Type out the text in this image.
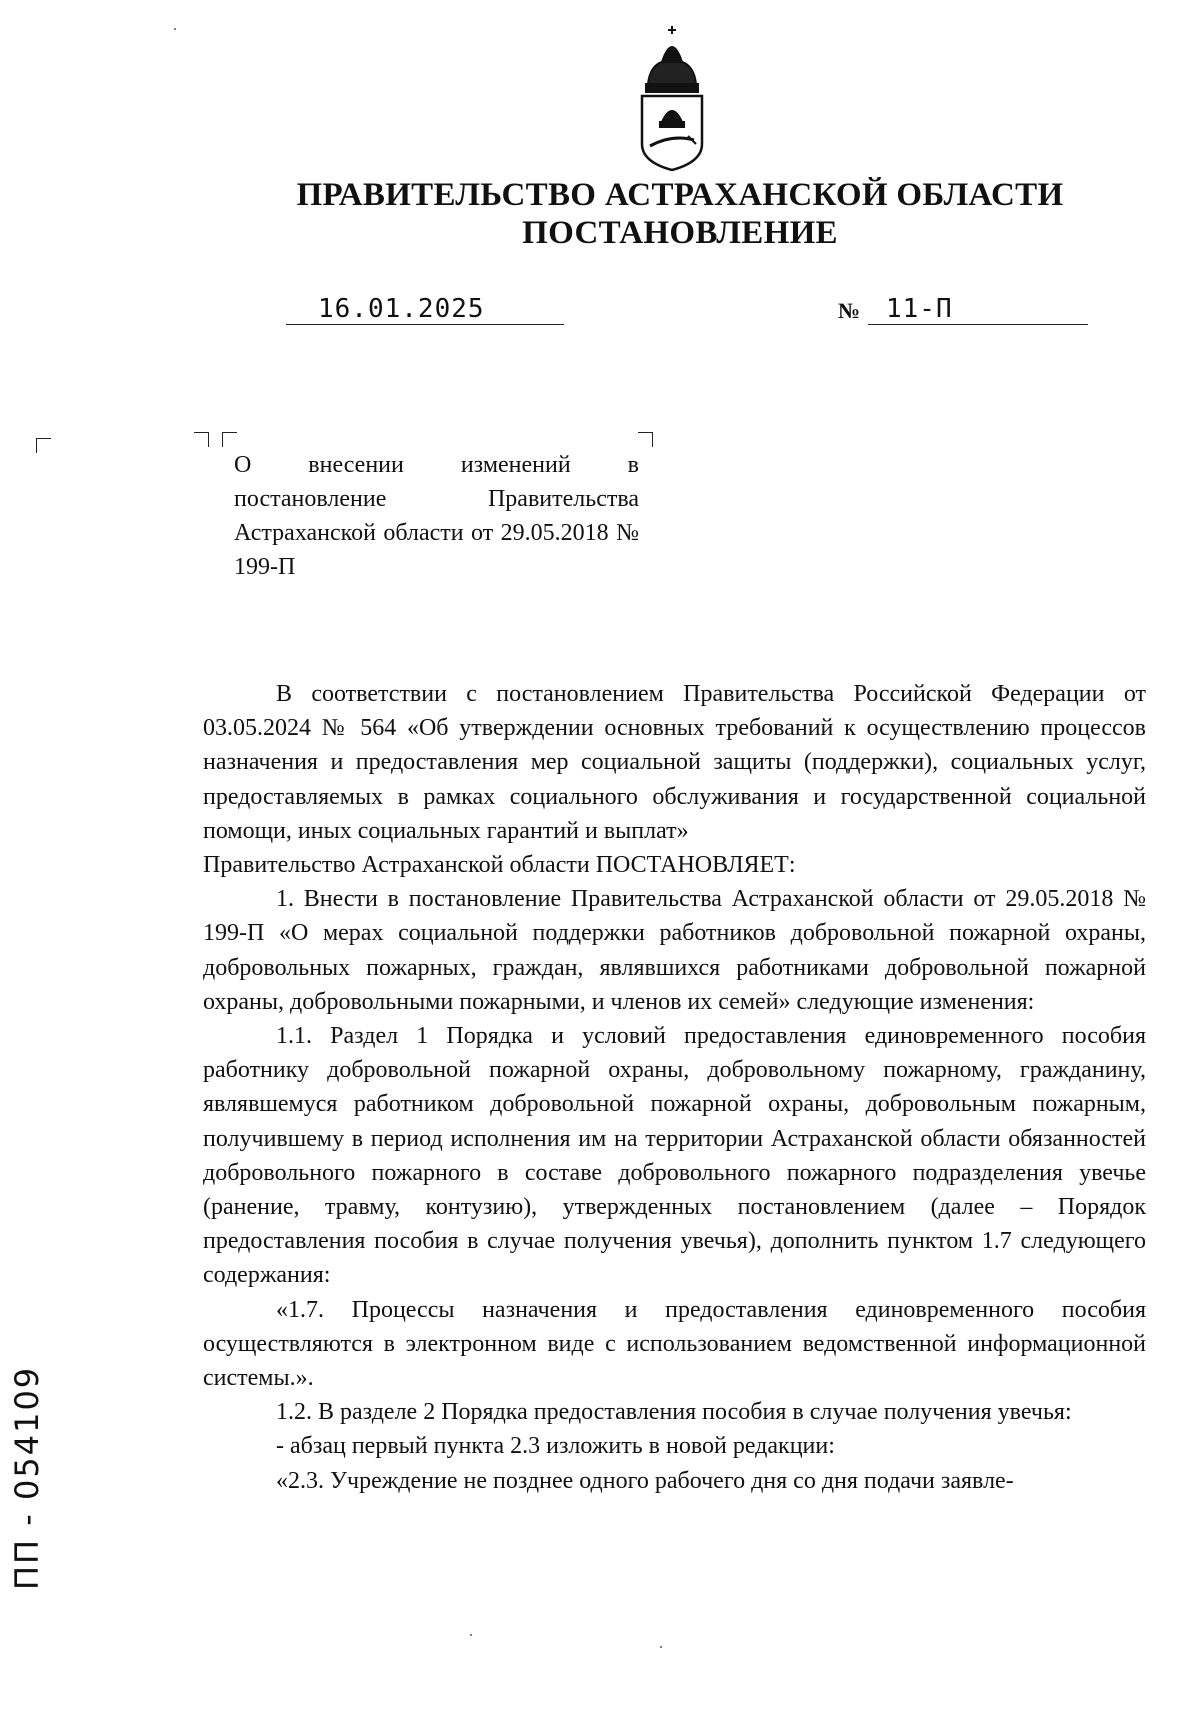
ПРАВИТЕЛЬСТВО АСТРАХАНСКОЙ ОБЛАСТИ
ПОСТАНОВЛЕНИЕ
16.01.2025	№ 11-П
О внесении изменений в постановление Правительства Астраханской области от 29.05.2018 № 199-П

В соответствии с постановлением Правительства Российской Федерации от 03.05.2024 № 564 «Об утверждении основных требований к осуществлению процессов назначения и предоставления мер социальной защиты (поддержки), социальных услуг, предоставляемых в рамках социального обслуживания и государственной социальной помощи, иных социальных гарантий и выплат»

Правительство Астраханской области ПОСТАНОВЛЯЕТ:

1. Внести в постановление Правительства Астраханской области от 29.05.2018 № 199-П «О мерах социальной поддержки работников добровольной пожарной охраны, добровольных пожарных, граждан, являвшихся работниками добровольной пожарной охраны, добровольными пожарными, и членов их семей» следующие изменения:

1.1. Раздел 1 Порядка и условий предоставления единовременного пособия работнику добровольной пожарной охраны, добровольному пожарному, гражданину, являвшемуся работником добровольной пожарной охраны, добровольным пожарным, получившему в период исполнения им на территории Астраханской области обязанностей добровольного пожарного в составе добровольного пожарного подразделения увечье (ранение, травму, контузию), утвержденных постановлением (далее – Порядок предоставления пособия в случае получения увечья), дополнить пунктом 1.7 следующего содержания:

«1.7. Процессы назначения и предоставления единовременного пособия осуществляются в электронном виде с использованием ведомственной информационной системы.».

1.2. В разделе 2 Порядка предоставления пособия в случае получения увечья:

- абзац первый пункта 2.3 изложить в новой редакции:

«2.3. Учреждение не позднее одного рабочего дня со дня подачи заявле-

ПП - 054109
